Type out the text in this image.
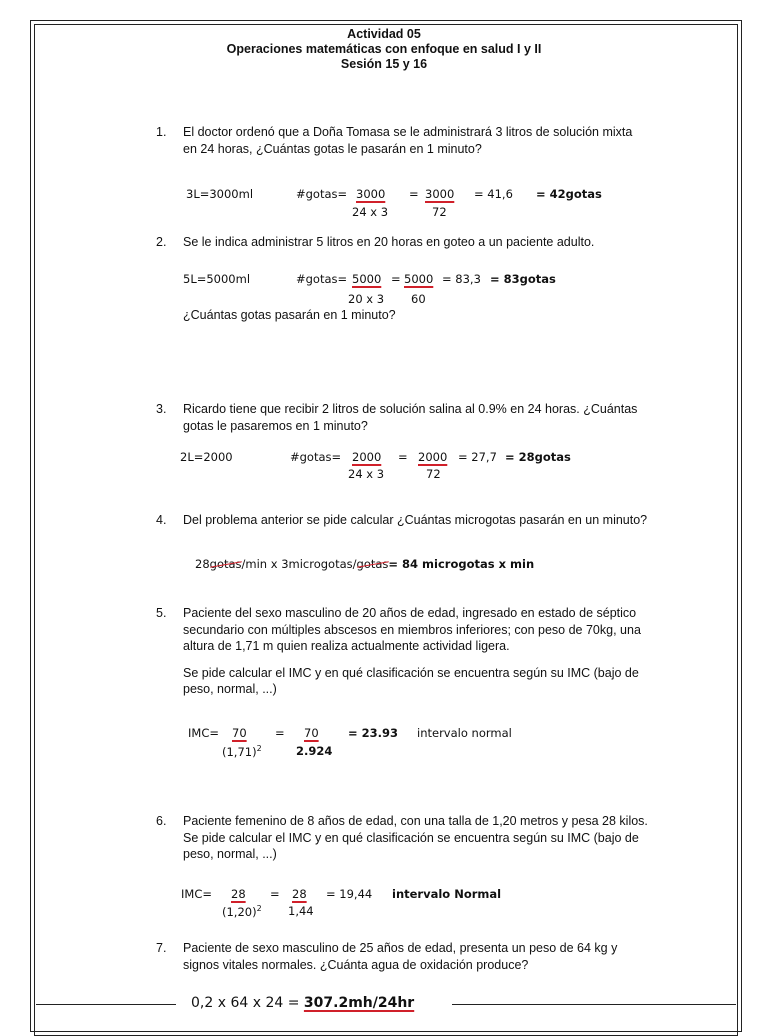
Actividad 05
Operaciones matemáticas con enfoque en salud I y II
Sesión 15 y 16
1. El doctor ordenó que a Doña Tomasa se le administrará 3 litros de solución mixta
en 24 horas, ¿Cuántas gotas le pasarán en 1 minuto?
3L=3000ml	#gotas= 3000
24 x 3
= 3000
72
= 41,6 = 42gotas
2. Se le indica administrar 5 litros en 20 horas en goteo a un paciente adulto.
5L=5000ml	#gotas= 5000
20 x 3
= 5000
60
= 83,3 = 83gotas
¿Cuántas gotas pasarán en 1 minuto?
3. Ricardo tiene que recibir 2 litros de solución salina al 0.9% en 24 horas. ¿Cuántas
gotas le pasaremos en 1 minuto?
2L=2000	#gotas= 2000
24 x 3
= 2000
72
= 27,7 = 28gotas
4. Del problema anterior se pide calcular ¿Cuántas microgotas pasarán en un minuto?
28gotas/min x 3microgotas/gotas= 84 microgotas x min
5. Paciente del sexo masculino de 20 años de edad, ingresado en estado de séptico
secundario con múltiples abscesos en miembros inferiores; con peso de 70kg, una
altura de 1,71 m quien realiza actualmente actividad ligera.
Se pide calcular el IMC y en qué clasificación se encuentra según su IMC (bajo de
peso, normal, ...)
IMC= 70
$(1,71)^2$
= 70
2.924
= 23.93 intervalo normal
6. Paciente femenino de 8 años de edad, con una talla de 1,20 metros y pesa 28 kilos.
Se pide calcular el IMC y en qué clasificación se encuentra según su IMC (bajo de
peso, normal, ...)
IMC= 28
$(1,20)^2$
= 28
1,44
= 19,44 intervalo Normal
7. Paciente de sexo masculino de 25 años de edad, presenta un peso de 64 kg y
signos vitales normales. ¿Cuánta agua de oxidación produce?
0,2 x 64 x 24 = 307.2mh/24hr
